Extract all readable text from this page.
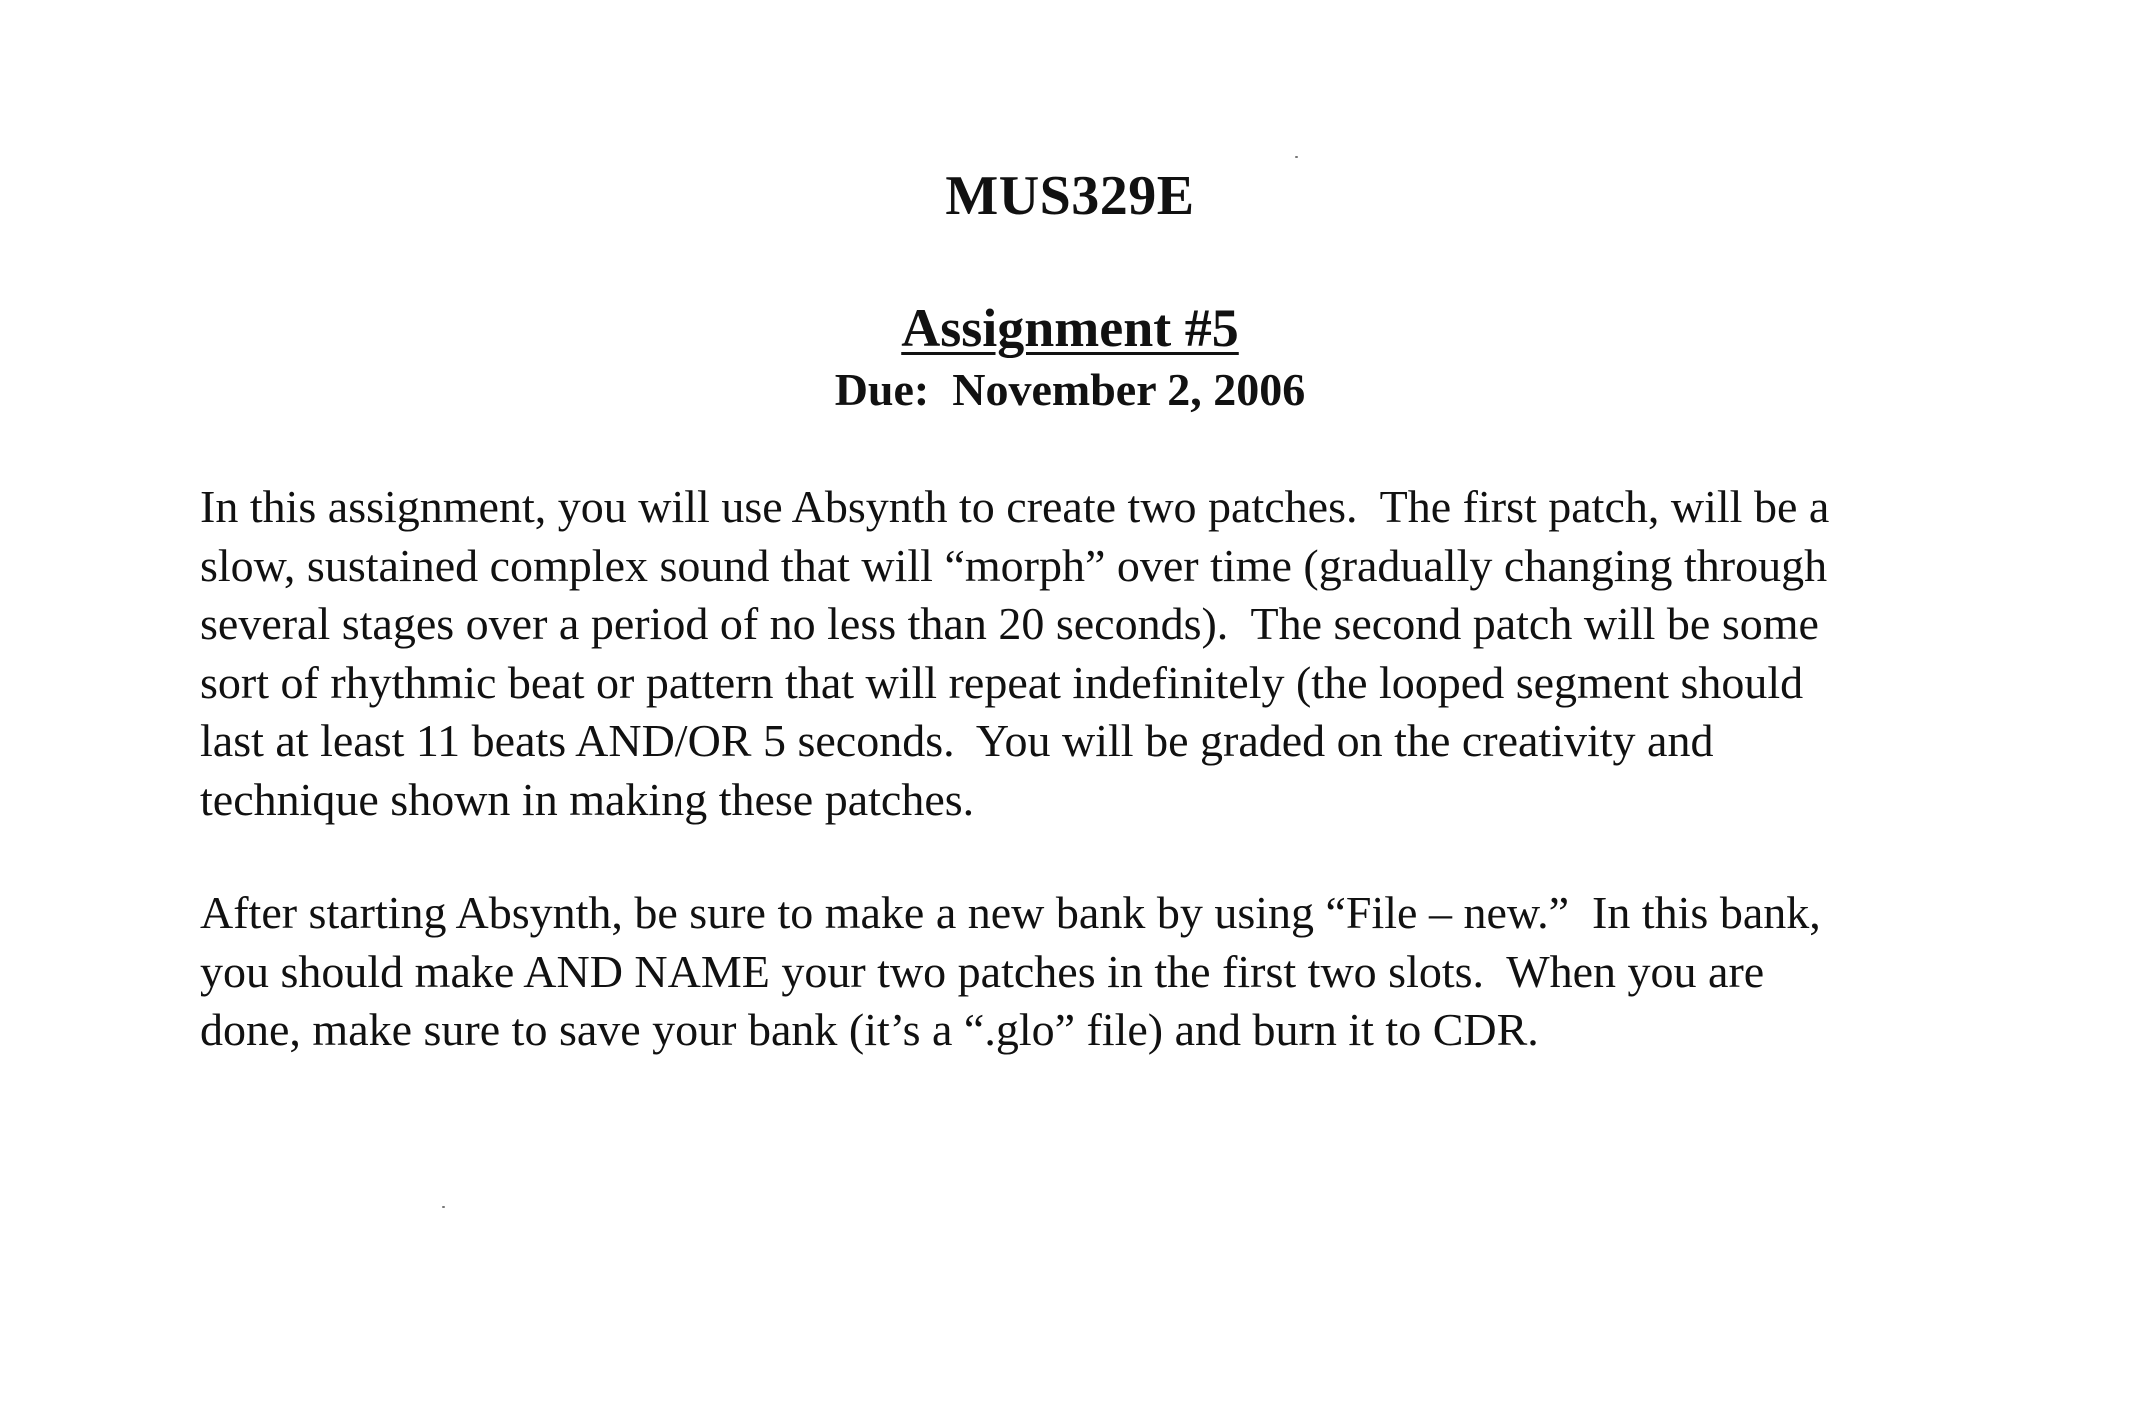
MUS329E
Assignment #5
Due:  November 2, 2006

In this assignment, you will use Absynth to create two patches.  The first patch, will be a
slow, sustained complex sound that will “morph” over time (gradually changing through
several stages over a period of no less than 20 seconds).  The second patch will be some
sort of rhythmic beat or pattern that will repeat indefinitely (the looped segment should
last at least 11 beats AND/OR 5 seconds.  You will be graded on the creativity and
technique shown in making these patches.

After starting Absynth, be sure to make a new bank by using “File – new.”  In this bank,
you should make AND NAME your two patches in the first two slots.  When you are
done, make sure to save your bank (it’s a “.glo” file) and burn it to CDR.
